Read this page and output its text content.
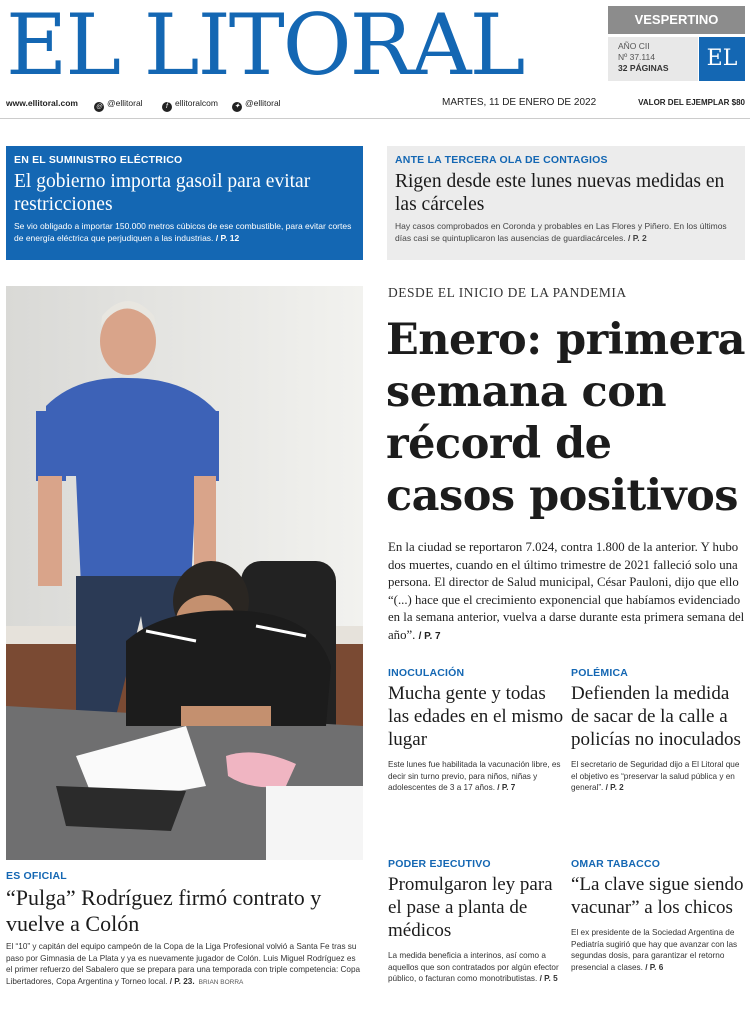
EL LITORAL	VESPERTINO
AÑO CII
Nº 37.114
32 PÁGINAS	EL
www.ellitoral.com	◎ @ellitoral	f ellitoralcom ✦ @ellitoral	MARTES, 11 DE ENERO DE 2022	VALOR DEL EJEMPLAR $80
EN EL SUMINISTRO ELÉCTRICO
El gobierno importa gasoil para evitar restricciones
Se vio obligado a importar 150.000 metros cúbicos de ese combustible, para evitar cortes de energía eléctrica que perjudiquen a las industrias. / P. 12
ANTE LA TERCERA OLA DE CONTAGIOS
Rigen desde este lunes nuevas medidas en las cárceles
Hay casos comprobados en Coronda y probables en Las Flores y Piñero. En los últimos días casi se quintuplicaron las ausencias de guardiacárceles. / P. 2
DESDE EL INICIO DE LA PANDEMIA
Enero: primera semana con récord de casos positivos
En la ciudad se reportaron 7.024, contra 1.800 de la anterior. Y hubo dos muertes, cuando en el último trimestre de 2021 falleció solo una persona. El director de Salud municipal, César Pauloni, dijo que ello “(...) hace que el crecimiento exponencial que habíamos evidenciado en la semana anterior, vuelva a darse durante esta primera semana del año”. / P. 7
INOCULACIÓN
Mucha gente y todas las edades en el mismo lugar
Este lunes fue habilitada la vacunación libre, es decir sin turno previo, para niños, niñas y adolescentes de 3 a 17 años. / P. 7
POLÉMICA
Defienden la medida de sacar de la calle a policías no inoculados
El secretario de Seguridad dijo a El Litoral que el objetivo es “preservar la salud pública y en general”. / P. 2
PODER EJECUTIVO
Promulgaron ley para el pase a planta de médicos
La medida beneficia a interinos, así como a aquellos que son contratados por algún efector público, o facturan como monotributistas. / P. 5
OMAR TABACCO
“La clave sigue siendo vacunar” a los chicos
El ex presidente de la Sociedad Argentina de Pediatría sugirió que hay que avanzar con las segundas dosis, para garantizar el retorno presencial a clases. / P. 6
ES OFICIAL
“Pulga” Rodríguez firmó contrato y vuelve a Colón
El “10” y capitán del equipo campeón de la Copa de la Liga Profesional volvió a Santa Fe tras su paso por Gimnasia de La Plata y ya es nuevamente jugador de Colón. Luis Miguel Rodríguez es el primer refuerzo del Sabalero que se prepara para una temporada con triple competencia: Copa Libertadores, Copa Argentina y Torneo local. / P. 23. BRIAN BORRA
